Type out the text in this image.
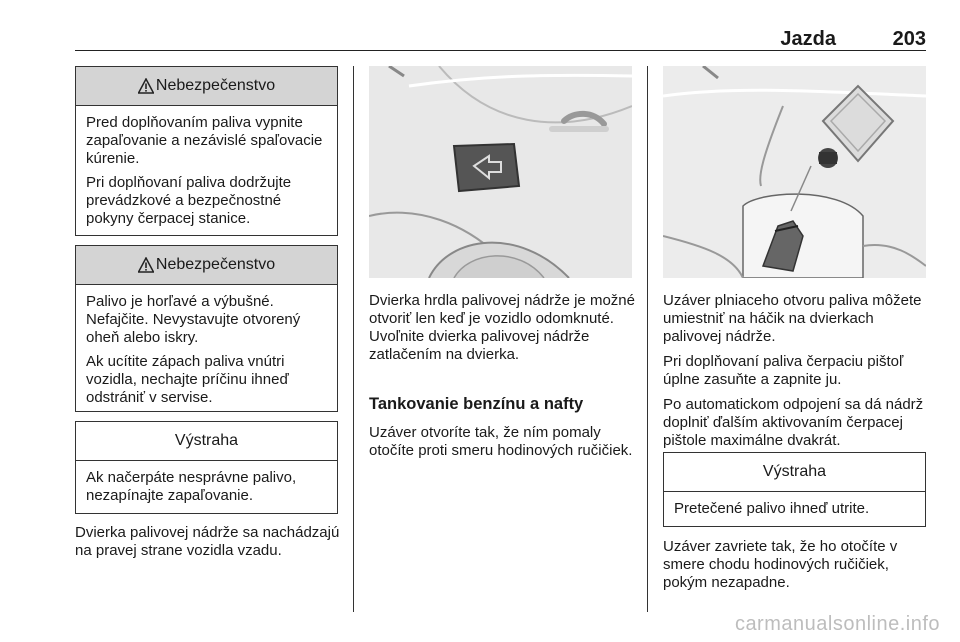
Jazda	203
Nebezpečenstvo

Pred doplňovaním paliva vypnite zapaľovanie a nezávislé spaľovacie kúrenie.

Pri doplňovaní paliva dodržujte prevádzkové a bezpečnostné pokyny čerpacej stanice.

Nebezpečenstvo

Palivo je horľavé a výbušné. Nefajčite. Nevystavujte otvorený oheň alebo iskry.

Ak ucítite zápach paliva vnútri vozidla, nechajte príčinu ihneď odstrániť v servise.

Výstraha

Ak načerpáte nesprávne palivo, nezapínajte zapaľovanie.

Dvierka palivovej nádrže sa nachádzajú na pravej strane vozidla vzadu.

Dvierka hrdla palivovej nádrže je možné otvoriť len keď je vozidlo odomknuté. Uvoľnite dvierka palivovej nádrže zatlačením na dvierka.

Tankovanie benzínu a nafty

Uzáver otvoríte tak, že ním pomaly otočíte proti smeru hodinových ručičiek.

Uzáver plniaceho otvoru paliva môžete umiestniť na háčik na dvierkach palivovej nádrže.

Pri doplňovaní paliva čerpaciu pištoľ úplne zasuňte a zapnite ju.

Po automatickom odpojení sa dá nádrž doplniť ďalším aktivovaním čerpacej pištole maximálne dvakrát.

Výstraha

Pretečené palivo ihneď utrite.

Uzáver zavriete tak, že ho otočíte v smere chodu hodinových ručičiek, pokým nezapadne.

carmanualsonline.info
